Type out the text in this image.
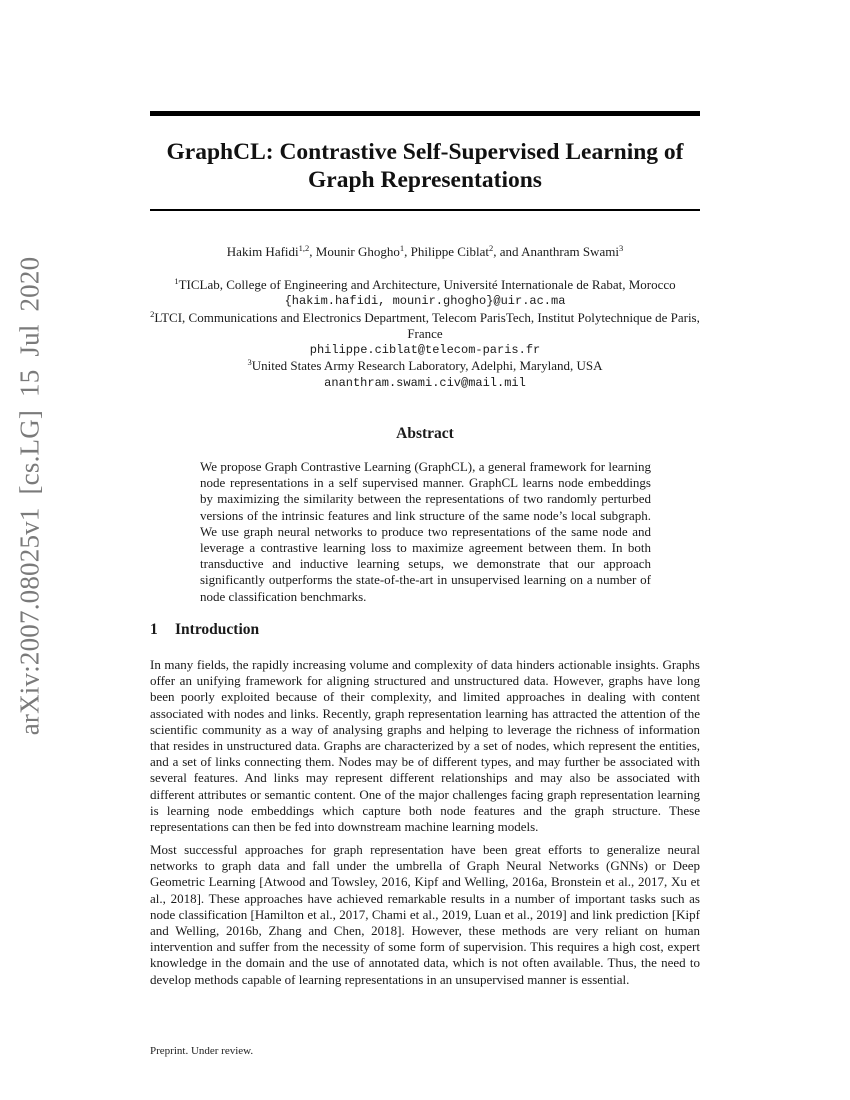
arXiv:2007.08025v1 [cs.LG] 15 Jul 2020
GraphCL: Contrastive Self-Supervised Learning of Graph Representations
Hakim Hafidi$^{1,2}$, Mounir Ghogho$^1$, Philippe Ciblat$^2$, and Ananthram Swami$^3$
$^1$TICLab, College of Engineering and Architecture, Université Internationale de Rabat, Morocco
{hakim.hafidi, mounir.ghogho}@uir.ac.ma
$^2$LTCI, Communications and Electronics Department, Telecom ParisTech, Institut Polytechnique de Paris, France
philippe.ciblat@telecom-paris.fr
$^3$United States Army Research Laboratory, Adelphi, Maryland, USA
ananthram.swami.civ@mail.mil
Abstract
We propose Graph Contrastive Learning (GraphCL), a general framework for learning node representations in a self supervised manner. GraphCL learns node embeddings by maximizing the similarity between the representations of two randomly perturbed versions of the intrinsic features and link structure of the same node’s local subgraph. We use graph neural networks to produce two representations of the same node and leverage a contrastive learning loss to maximize agreement between them. In both transductive and inductive learning setups, we demonstrate that our approach significantly outperforms the state-of-the-art in unsupervised learning on a number of node classification benchmarks.
1 Introduction
In many fields, the rapidly increasing volume and complexity of data hinders actionable insights. Graphs offer an unifying framework for aligning structured and unstructured data. However, graphs have long been poorly exploited because of their complexity, and limited approaches in dealing with content associated with nodes and links. Recently, graph representation learning has attracted the attention of the scientific community as a way of analysing graphs and helping to leverage the richness of information that resides in unstructured data. Graphs are characterized by a set of nodes, which represent the entities, and a set of links connecting them. Nodes may be of different types, and may further be associated with several features. And links may represent different relationships and may also be associated with different attributes or semantic content. One of the major challenges facing graph representation learning is learning node embeddings which capture both node features and the graph structure. These representations can then be fed into downstream machine learning models.
Most successful approaches for graph representation have been great efforts to generalize neural networks to graph data and fall under the umbrella of Graph Neural Networks (GNNs) or Deep Geometric Learning [Atwood and Towsley, 2016, Kipf and Welling, 2016a, Bronstein et al., 2017, Xu et al., 2018]. These approaches have achieved remarkable results in a number of important tasks such as node classification [Hamilton et al., 2017, Chami et al., 2019, Luan et al., 2019] and link prediction [Kipf and Welling, 2016b, Zhang and Chen, 2018]. However, these methods are very reliant on human intervention and suffer from the necessity of some form of supervision. This requires a high cost, expert knowledge in the domain and the use of annotated data, which is not often available. Thus, the need to develop methods capable of learning representations in an unsupervised manner is essential.
Preprint. Under review.
